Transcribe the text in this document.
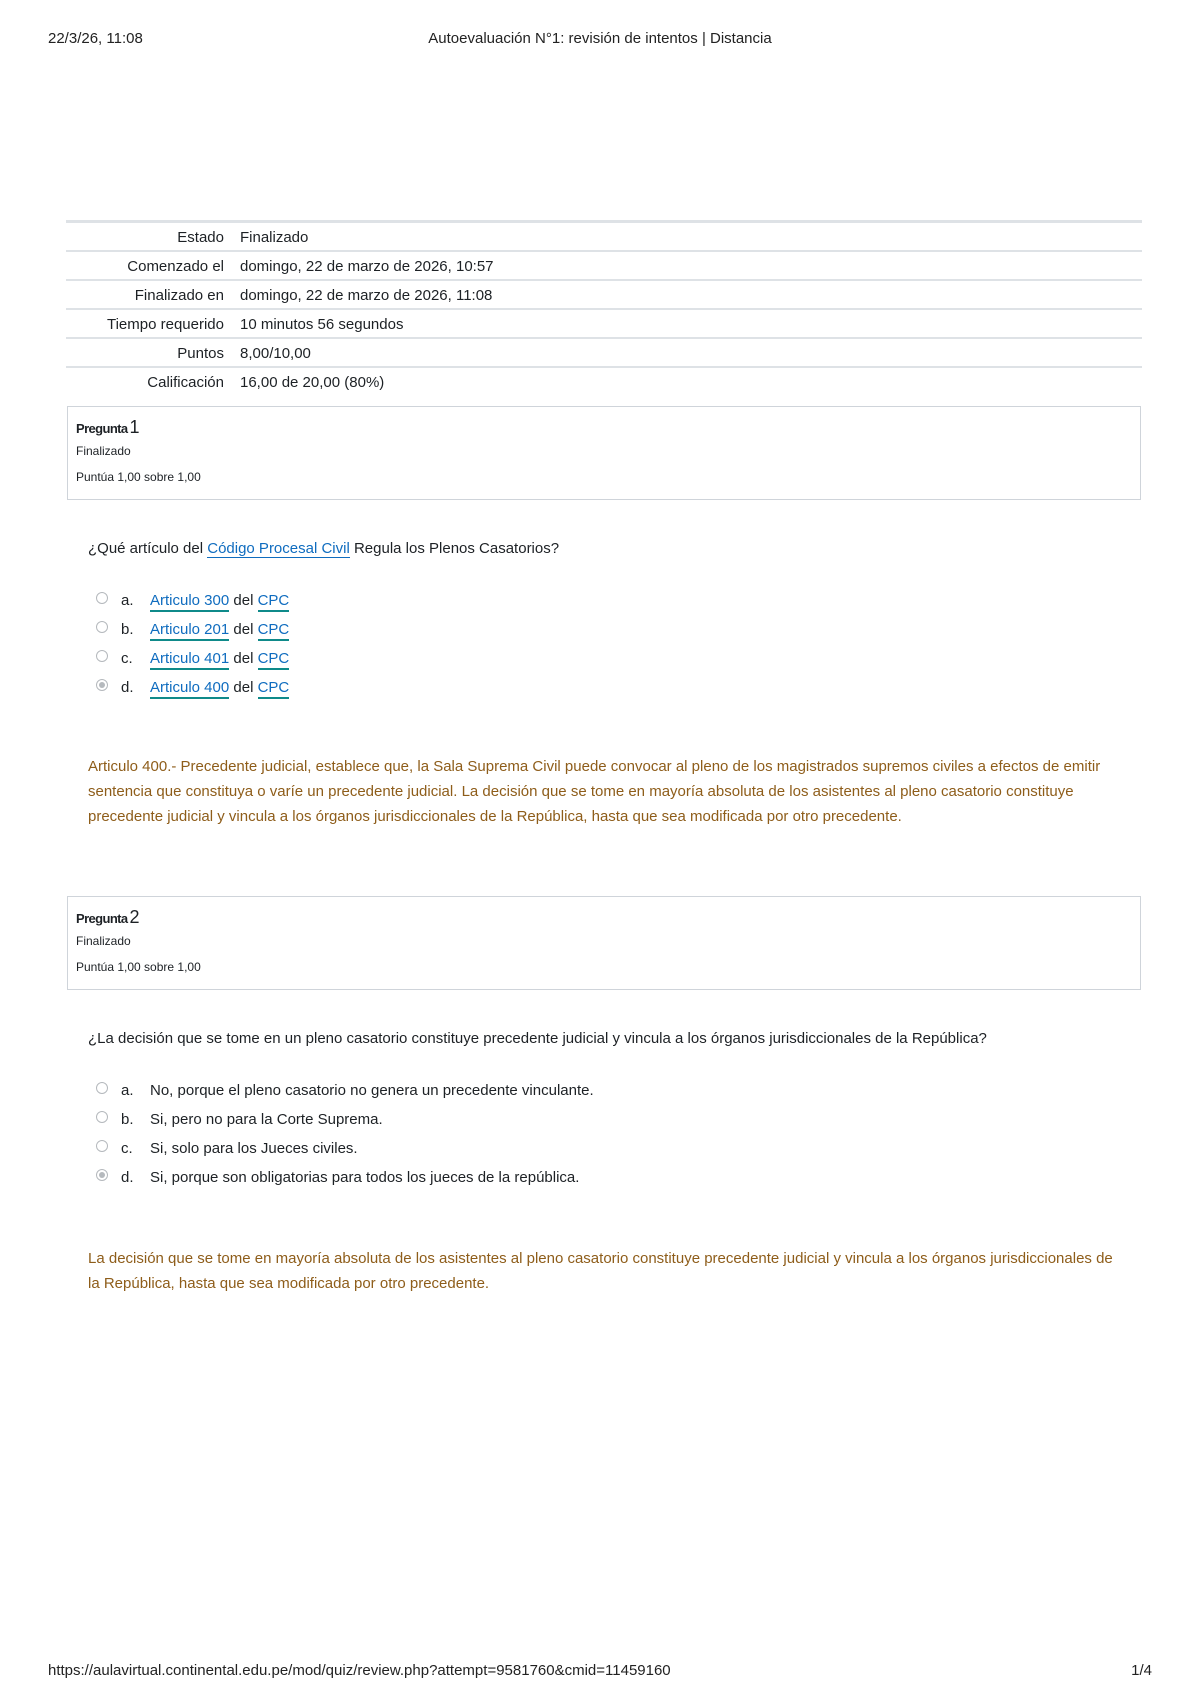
22/3/26, 11:08	Autoevaluación N°1: revisión de intentos | Distancia
Estado	Finalizado
Comenzado el	domingo, 22 de marzo de 2026, 10:57
Finalizado en	domingo, 22 de marzo de 2026, 11:08
Tiempo requerido	10 minutos 56 segundos
Puntos	8,00/10,00
Calificación	16,00 de 20,00 (80%)
Pregunta 1
Finalizado
Puntúa 1,00 sobre 1,00
¿Qué artículo del Código Procesal Civil Regula los Plenos Casatorios?
a. Articulo 300 del CPC
b. Articulo 201 del CPC
c. Articulo 401 del CPC
d. Articulo 400 del CPC
Articulo 400.- Precedente judicial, establece que, la Sala Suprema Civil puede convocar al pleno de los magistrados supremos civiles a efectos de emitir sentencia que constituya o varíe un precedente judicial. La decisión que se tome en mayoría absoluta de los asistentes al pleno casatorio constituye precedente judicial y vincula a los órganos jurisdiccionales de la República, hasta que sea modificada por otro precedente.
Pregunta 2
Finalizado
Puntúa 1,00 sobre 1,00
¿La decisión que se tome en un pleno casatorio constituye precedente judicial y vincula a los órganos jurisdiccionales de la República?
a. No, porque el pleno casatorio no genera un precedente vinculante.
b. Si, pero no para la Corte Suprema.
c. Si, solo para los Jueces civiles.
d. Si, porque son obligatorias para todos los jueces de la república.
La decisión que se tome en mayoría absoluta de los asistentes al pleno casatorio constituye precedente judicial y vincula a los órganos jurisdiccionales de la República, hasta que sea modificada por otro precedente.
https://aulavirtual.continental.edu.pe/mod/quiz/review.php?attempt=9581760&cmid=11459160	1/4
